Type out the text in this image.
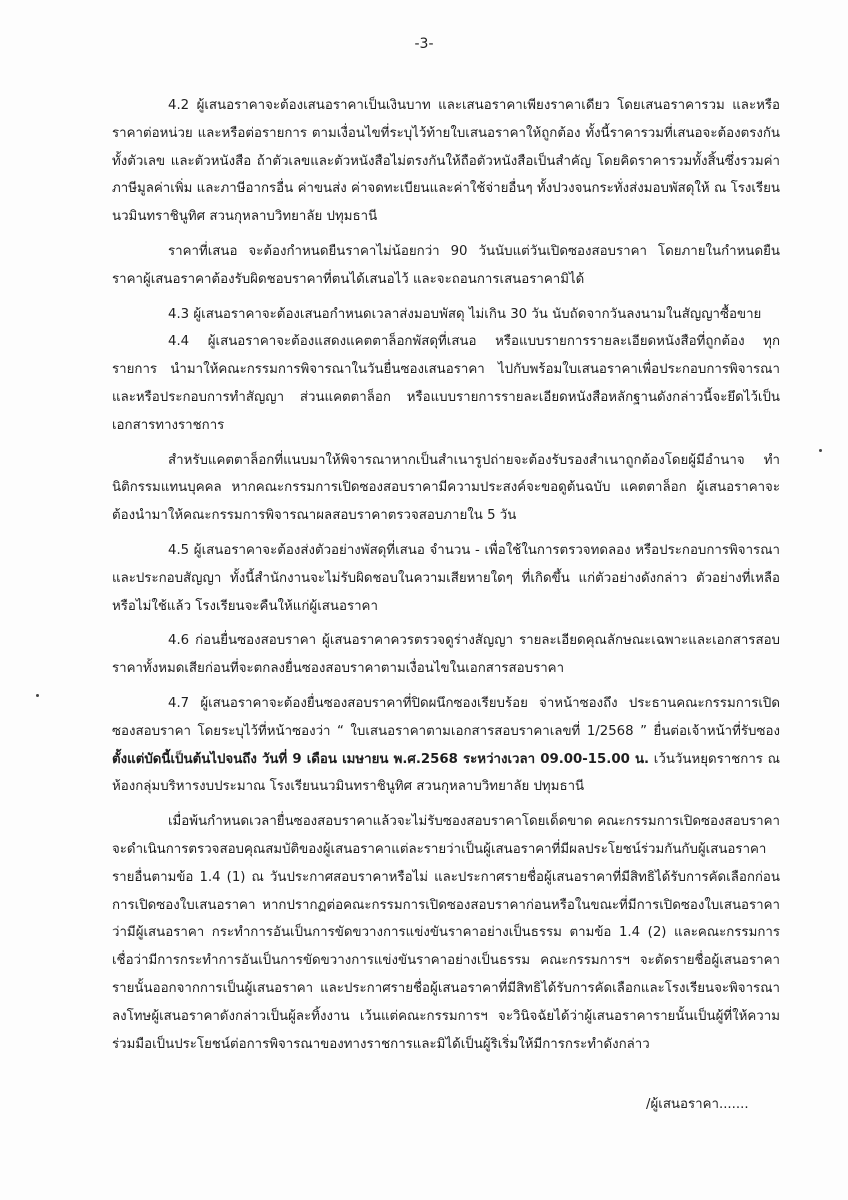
-3-

4.2 ผู้เสนอราคาจะต้องเสนอราคาเป็นเงินบาท และเสนอราคาเพียงราคาเดียว โดยเสนอราคารวม และหรือราคาต่อหน่วย และหรือต่อรายการ ตามเงื่อนไขที่ระบุไว้ท้ายใบเสนอราคาให้ถูกต้อง ทั้งนี้ราคารวมที่เสนอจะต้องตรงกันทั้งตัวเลข และตัวหนังสือ ถ้าตัวเลขและตัวหนังสือไม่ตรงกันให้ถือตัวหนังสือเป็นสำคัญ โดยคิดราคารวมทั้งสิ้นซึ่งรวมค่าภาษีมูลค่าเพิ่ม และภาษีอากรอื่น ค่าขนส่ง ค่าจดทะเบียนและค่าใช้จ่ายอื่นๆ ทั้งปวงจนกระทั่งส่งมอบพัสดุให้ ณ โรงเรียนนวมินทราชินูทิศ สวนกุหลาบวิทยาลัย ปทุมธานี

ราคาที่เสนอ จะต้องกำหนดยืนราคาไม่น้อยกว่า 90 วันนับแต่วันเปิดซองสอบราคา โดยภายในกำหนดยืนราคาผู้เสนอราคาต้องรับผิดชอบราคาที่ตนได้เสนอไว้ และจะถอนการเสนอราคามิได้

4.3 ผู้เสนอราคาจะต้องเสนอกำหนดเวลาส่งมอบพัสดุ ไม่เกิน 30 วัน นับถัดจากวันลงนามในสัญญาซื้อขาย

4.4 ผู้เสนอราคาจะต้องแสดงแคตตาล็อกพัสดุที่เสนอ หรือแบบรายการรายละเอียดหนังสือที่ถูกต้อง ทุกรายการ นำมาให้คณะกรรมการพิจารณาในวันยื่นซองเสนอราคา ไปกับพร้อมใบเสนอราคาเพื่อประกอบการพิจารณาและหรือประกอบการทำสัญญา ส่วนแคตตาล็อก หรือแบบรายการรายละเอียดหนังสือหลักฐานดังกล่าวนี้จะยึดไว้เป็นเอกสารทางราชการ

สำหรับแคตตาล็อกที่แนบมาให้พิจารณาหากเป็นสำเนารูปถ่ายจะต้องรับรองสำเนาถูกต้องโดยผู้มีอำนาจ ทำนิติกรรมแทนบุคคล หากคณะกรรมการเปิดซองสอบราคามีความประสงค์จะขอดูต้นฉบับ แคตตาล็อก ผู้เสนอราคาจะต้องนำมาให้คณะกรรมการพิจารณาผลสอบราคาตรวจสอบภายใน 5 วัน

4.5 ผู้เสนอราคาจะต้องส่งตัวอย่างพัสดุที่เสนอ จำนวน - เพื่อใช้ในการตรวจทดลอง หรือประกอบการพิจารณา และประกอบสัญญา ทั้งนี้สำนักงานจะไม่รับผิดชอบในความเสียหายใดๆ ที่เกิดขึ้น แก่ตัวอย่างดังกล่าว ตัวอย่างที่เหลือหรือไม่ใช้แล้ว โรงเรียนจะคืนให้แก่ผู้เสนอราคา

4.6 ก่อนยื่นซองสอบราคา ผู้เสนอราคาควรตรวจดูร่างสัญญา รายละเอียดคุณลักษณะเฉพาะและเอกสารสอบราคาทั้งหมดเสียก่อนที่จะตกลงยื่นซองสอบราคาตามเงื่อนไขในเอกสารสอบราคา

4.7 ผู้เสนอราคาจะต้องยื่นซองสอบราคาที่ปิดผนึกซองเรียบร้อย จ่าหน้าซองถึง ประธานคณะกรรมการเปิดซองสอบราคา โดยระบุไว้ที่หน้าซองว่า “ ใบเสนอราคาตามเอกสารสอบราคาเลขที่ 1/2568 ” ยื่นต่อเจ้าหน้าที่รับซอง ตั้งแต่บัดนี้เป็นต้นไปจนถึง วันที่ 9 เดือน เมษายน พ.ศ.2568 ระหว่างเวลา 09.00-15.00 น. เว้นวันหยุดราชการ ณ ห้องกลุ่มบริหารงบประมาณ โรงเรียนนวมินทราชินูทิศ สวนกุหลาบวิทยาลัย ปทุมธานี

เมื่อพ้นกำหนดเวลายื่นซองสอบราคาแล้วจะไม่รับซองสอบราคาโดยเด็ดขาด คณะกรรมการเปิดซองสอบราคาจะดำเนินการตรวจสอบคุณสมบัติของผู้เสนอราคาแต่ละรายว่าเป็นผู้เสนอราคาที่มีผลประโยชน์ร่วมกันกับผู้เสนอราคารายอื่นตามข้อ 1.4 (1) ณ วันประกาศสอบราคาหรือไม่ และประกาศรายชื่อผู้เสนอราคาที่มีสิทธิได้รับการคัดเลือกก่อนการเปิดซองใบเสนอราคา หากปรากฏต่อคณะกรรมการเปิดซองสอบราคาก่อนหรือในขณะที่มีการเปิดซองใบเสนอราคาว่ามีผู้เสนอราคา กระทำการอันเป็นการขัดขวางการแข่งขันราคาอย่างเป็นธรรม ตามข้อ 1.4 (2) และคณะกรรมการเชื่อว่ามีการกระทำการอันเป็นการขัดขวางการแข่งขันราคาอย่างเป็นธรรม คณะกรรมการฯ จะตัดรายชื่อผู้เสนอราคารายนั้นออกจากการเป็นผู้เสนอราคา และประกาศรายชื่อผู้เสนอราคาที่มีสิทธิได้รับการคัดเลือกและโรงเรียนจะพิจารณาลงโทษผู้เสนอราคาดังกล่าวเป็นผู้ละทิ้งงาน เว้นแต่คณะกรรมการฯ จะวินิจฉัยได้ว่าผู้เสนอราคารายนั้นเป็นผู้ที่ให้ความร่วมมือเป็นประโยชน์ต่อการพิจารณาของทางราชการและมิได้เป็นผู้ริเริ่มให้มีการกระทำดังกล่าว

/ผู้เสนอราคา.......
